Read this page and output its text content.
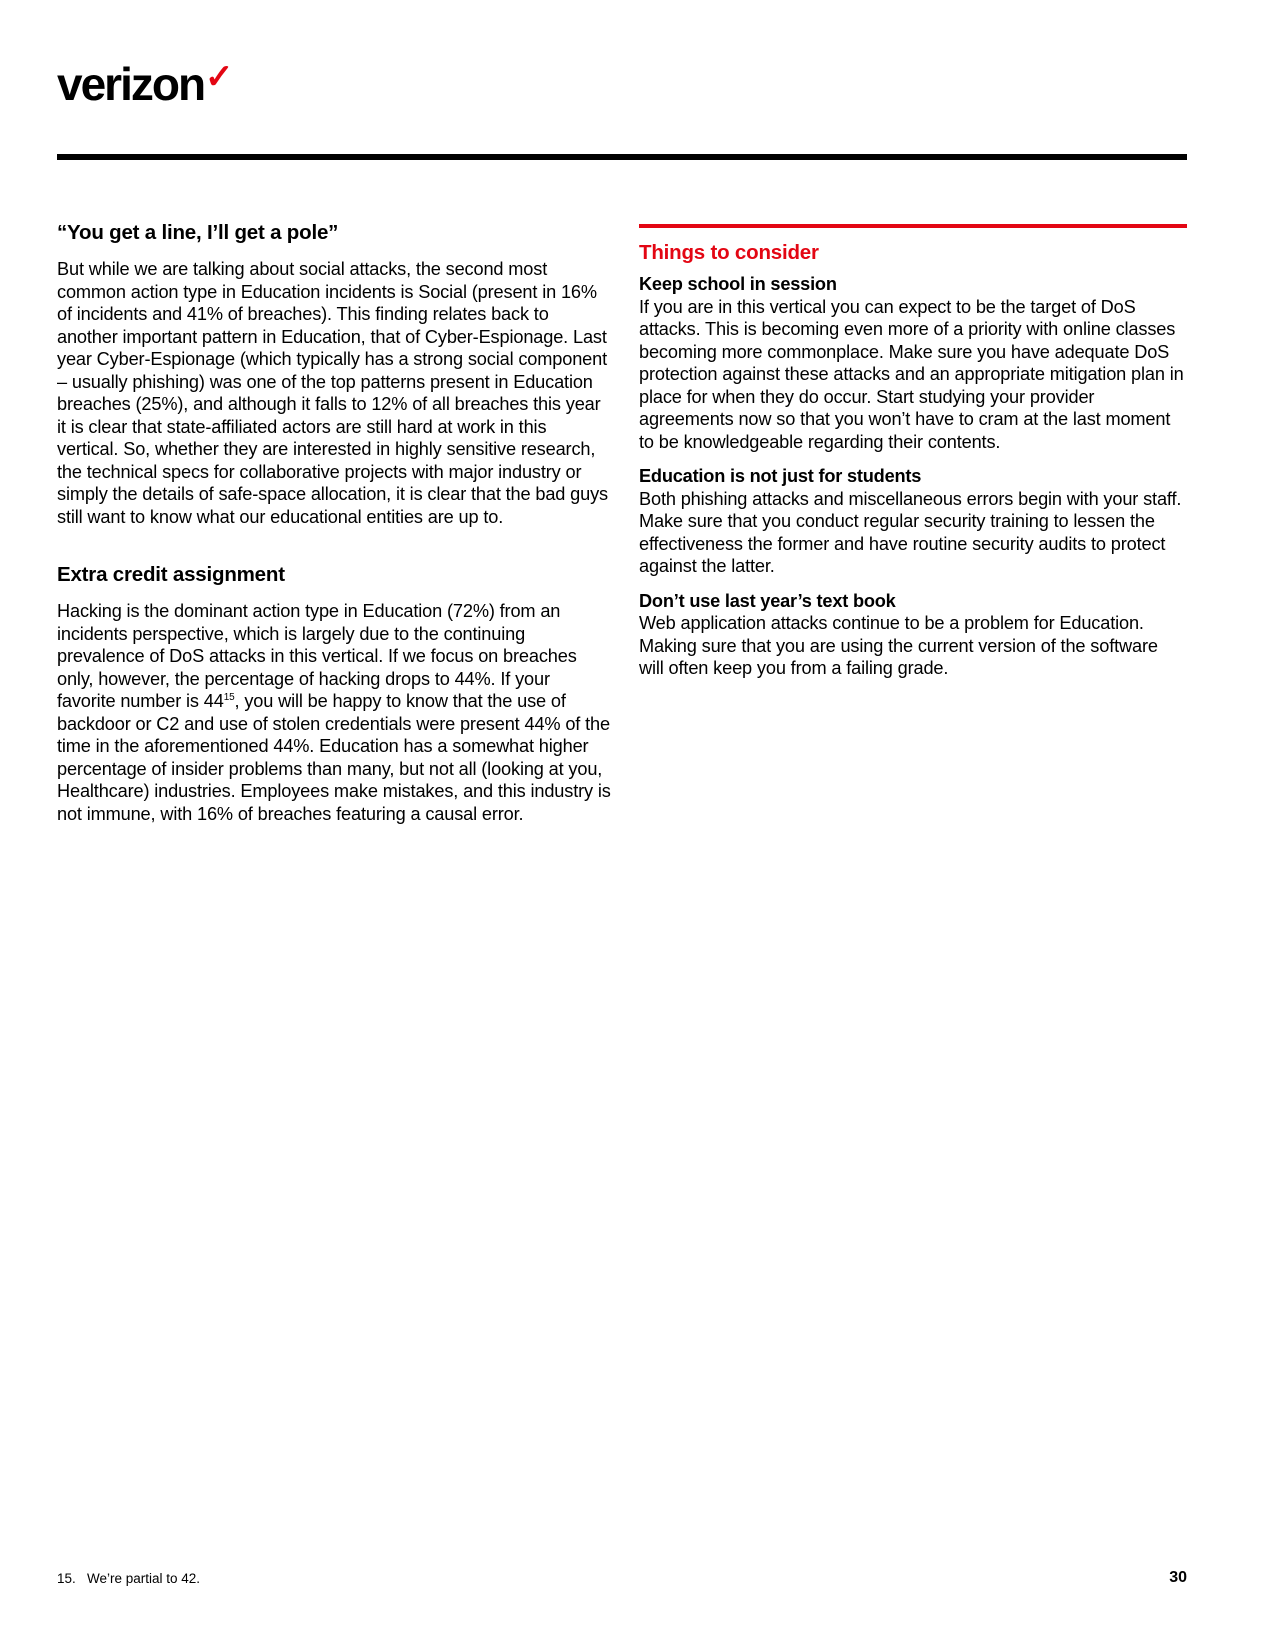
verizon✓
“You get a line, I’ll get a pole”

But while we are talking about social attacks, the second most common action type in Education incidents is Social (present in 16% of incidents and 41% of breaches). This finding relates back to another important pattern in Education, that of Cyber-Espionage. Last year Cyber-Espionage (which typically has a strong social component – usually phishing) was one of the top patterns present in Education breaches (25%), and although it falls to 12% of all breaches this year it is clear that state-affiliated actors are still hard at work in this vertical. So, whether they are interested in highly sensitive research, the technical specs for collaborative projects with major industry or simply the details of safe-space allocation, it is clear that the bad guys still want to know what our educational entities are up to.

Extra credit assignment

Hacking is the dominant action type in Education (72%) from an incidents perspective, which is largely due to the continuing prevalence of DoS attacks in this vertical. If we focus on breaches only, however, the percentage of hacking drops to 44%. If your favorite number is $44^{15}$, you will be happy to know that the use of backdoor or C2 and use of stolen credentials were present 44% of the time in the aforementioned 44%. Education has a somewhat higher percentage of insider problems than many, but not all (looking at you, Healthcare) industries. Employees make mistakes, and this industry is not immune, with 16% of breaches featuring a causal error.

Things to consider
Keep school in session

If you are in this vertical you can expect to be the target of DoS attacks. This is becoming even more of a priority with online classes becoming more commonplace. Make sure you have adequate DoS protection against these attacks and an appropriate mitigation plan in place for when they do occur. Start studying your provider agreements now so that you won’t have to cram at the last moment to be knowledgeable regarding their contents.

Education is not just for students

Both phishing attacks and miscellaneous errors begin with your staff. Make sure that you conduct regular security training to lessen the effectiveness the former and have routine security audits to protect against the latter.

Don’t use last year’s text book

Web application attacks continue to be a problem for Education. Making sure that you are using the current version of the software will often keep you from a failing grade.

15. We’re partial to 42.	30
